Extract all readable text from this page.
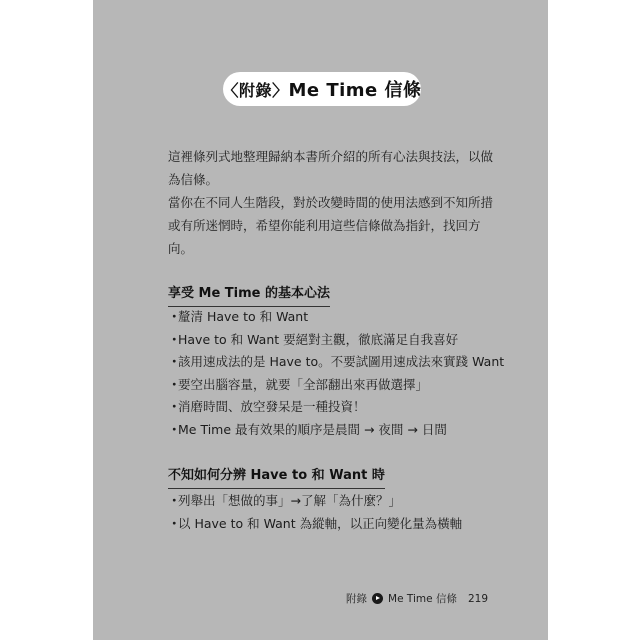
〈附錄〉 Me Time 信條

這裡條列式地整理歸納本書所介紹的所有心法與技法，以做

為信條。

當你在不同人生階段，對於改變時間的使用法感到不知所措

或有所迷惘時，希望你能利用這些信條做為指針，找回方

向。

享受 Me Time 的基本心法
・釐清 Have to 和 Want
・Have to 和 Want 要絕對主觀，徹底滿足自我喜好
・該用速成法的是 Have to。不要試圖用速成法來實踐 Want
・要空出腦容量，就要「全部翻出來再做選擇」
・消磨時間、放空發呆是一種投資！
・Me Time 最有效果的順序是晨間 → 夜間 → 日間
不知如何分辨 Have to 和 Want 時
・列舉出「想做的事」→了解「為什麼？」
・以 Have to 和 Want 為縱軸，以正向變化量為橫軸
附錄 Me Time 信條 219
